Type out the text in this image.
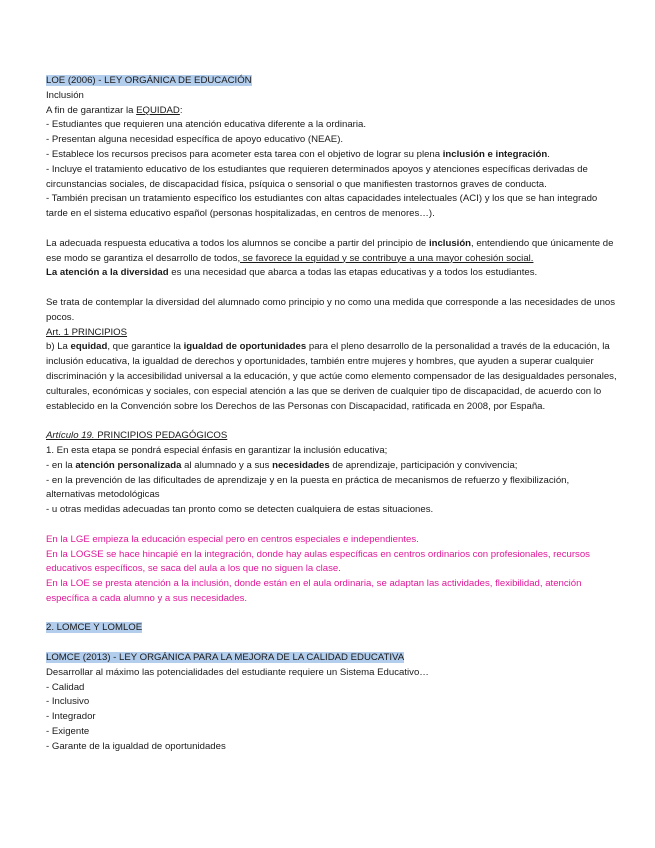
LOE (2006) - LEY ORGÁNICA DE EDUCACIÓN

Inclusión

A fin de garantizar la EQUIDAD:

- Estudiantes que requieren una atención educativa diferente a la ordinaria.

- Presentan alguna necesidad específica de apoyo educativo (NEAE).

- Establece los recursos precisos para acometer esta tarea con el objetivo de lograr su plena inclusión e integración.

- Incluye el tratamiento educativo de los estudiantes que requieren determinados apoyos y atenciones específicas derivadas de circunstancias sociales, de discapacidad física, psíquica o sensorial o que manifiesten trastornos graves de conducta.

- También precisan un tratamiento específico los estudiantes con altas capacidades intelectuales (ACI) y los que se han integrado tarde en el sistema educativo español (personas hospitalizadas, en centros de menores…).

La adecuada respuesta educativa a todos los alumnos se concibe a partir del principio de inclusión, entendiendo que únicamente de ese modo se garantiza el desarrollo de todos, se favorece la equidad y se contribuye a una mayor cohesión social.

La atención a la diversidad es una necesidad que abarca a todas las etapas educativas y a todos los estudiantes.

Se trata de contemplar la diversidad del alumnado como principio y no como una medida que corresponde a las necesidades de unos pocos.

Art. 1 PRINCIPIOS

b) La equidad, que garantice la igualdad de oportunidades para el pleno desarrollo de la personalidad a través de la educación, la inclusión educativa, la igualdad de derechos y oportunidades, también entre mujeres y hombres, que ayuden a superar cualquier discriminación y la accesibilidad universal a la educación, y que actúe como elemento compensador de las desigualdades personales, culturales, económicas y sociales, con especial atención a las que se deriven de cualquier tipo de discapacidad, de acuerdo con lo establecido en la Convención sobre los Derechos de las Personas con Discapacidad, ratificada en 2008, por España.

Artículo 19. PRINCIPIOS PEDAGÓGICOS

1. En esta etapa se pondrá especial énfasis en garantizar la inclusión educativa;

- en la atención personalizada al alumnado y a sus necesidades de aprendizaje, participación y convivencia;

- en la prevención de las dificultades de aprendizaje y en la puesta en práctica de mecanismos de refuerzo y flexibilización, alternativas metodológicas

- u otras medidas adecuadas tan pronto como se detecten cualquiera de estas situaciones.

En la LGE empieza la educación especial pero en centros especiales e independientes.

En la LOGSE se hace hincapié en la integración, donde hay aulas específicas en centros ordinarios con profesionales, recursos educativos específicos, se saca del aula a los que no siguen la clase.

En la LOE se presta atención a la inclusión, donde están en el aula ordinaria, se adaptan las actividades, flexibilidad, atención específica a cada alumno y a sus necesidades.

2. LOMCE Y LOMLOE

LOMCE (2013) - LEY ORGÁNICA PARA LA MEJORA DE LA CALIDAD EDUCATIVA

Desarrollar al máximo las potencialidades del estudiante requiere un Sistema Educativo…

- Calidad

- Inclusivo

- Integrador

- Exigente

- Garante de la igualdad de oportunidades
